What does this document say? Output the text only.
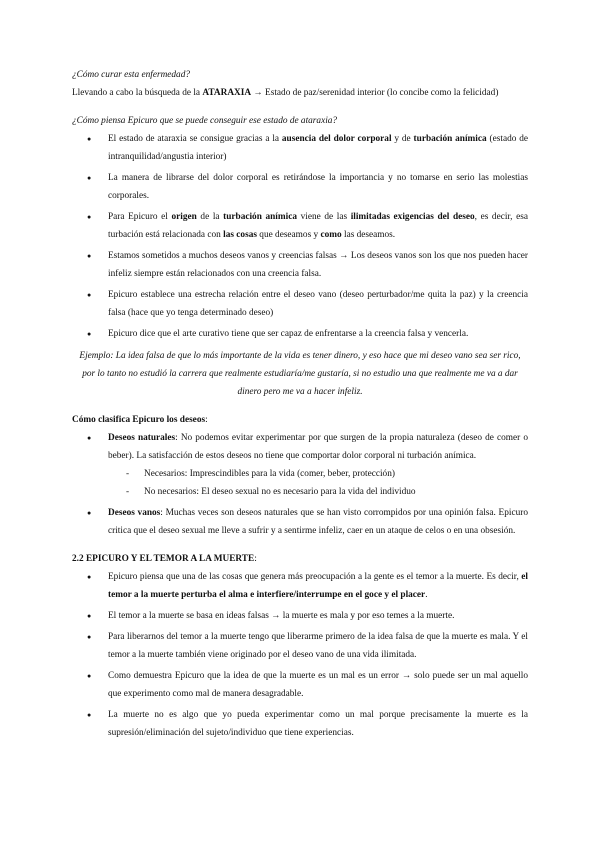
¿Cómo curar esta enfermedad?

Llevando a cabo la búsqueda de la ATARAXIA → Estado de paz/serenidad interior (lo concibe como la felicidad)

¿Cómo piensa Epicuro que se puede conseguir ese estado de ataraxia?

● El estado de ataraxia se consigue gracias a la ausencia del dolor corporal y de turbación anímica (estado de intranquilidad/angustia interior)
● La manera de librarse del dolor corporal es retirándose la importancia y no tomarse en serio las molestias corporales.
● Para Epicuro el origen de la turbación anímica viene de las ilimitadas exigencias del deseo, es decir, esa turbación está relacionada con las cosas que deseamos y como las deseamos.
● Estamos sometidos a muchos deseos vanos y creencias falsas → Los deseos vanos son los que nos pueden hacer infeliz siempre están relacionados con una creencia falsa.
● Epicuro establece una estrecha relación entre el deseo vano (deseo perturbador/me quita la paz) y la creencia falsa (hace que yo tenga determinado deseo)
● Epicuro dice que el arte curativo tiene que ser capaz de enfrentarse a la creencia falsa y vencerla.

Ejemplo: La idea falsa de que lo más importante de la vida es tener dinero, y eso hace que mi deseo vano sea ser rico, por lo tanto no estudió la carrera que realmente estudiaría/me gustaría, si no estudio una que realmente me va a dar dinero pero me va a hacer infeliz.

Cómo clasifica Epicuro los deseos:

● Deseos naturales: No podemos evitar experimentar por que surgen de la propia naturaleza (deseo de comer o beber). La satisfacción de estos deseos no tiene que comportar dolor corporal ni turbación anímica.
- Necesarios: Imprescindibles para la vida (comer, beber, protección)
- No necesarios: El deseo sexual no es necesario para la vida del individuo
● Deseos vanos: Muchas veces son deseos naturales que se han visto corrompidos por una opinión falsa. Epicuro critica que el deseo sexual me lleve a sufrir y a sentirme infeliz, caer en un ataque de celos o en una obsesión.

2.2 EPICURO Y EL TEMOR A LA MUERTE:

● Epicuro piensa que una de las cosas que genera más preocupación a la gente es el temor a la muerte. Es decir, el temor a la muerte perturba el alma e interfiere/interrumpe en el goce y el placer.
● El temor a la muerte se basa en ideas falsas → la muerte es mala y por eso temes a la muerte.
● Para liberarnos del temor a la muerte tengo que liberarme primero de la idea falsa de que la muerte es mala. Y el temor a la muerte también viene originado por el deseo vano de una vida ilimitada.
● Como demuestra Epicuro que la idea de que la muerte es un mal es un error → solo puede ser un mal aquello que experimento como mal de manera desagradable.
● La muerte no es algo que yo pueda experimentar como un mal porque precisamente la muerte es la supresión/eliminación del sujeto/individuo que tiene experiencias.
